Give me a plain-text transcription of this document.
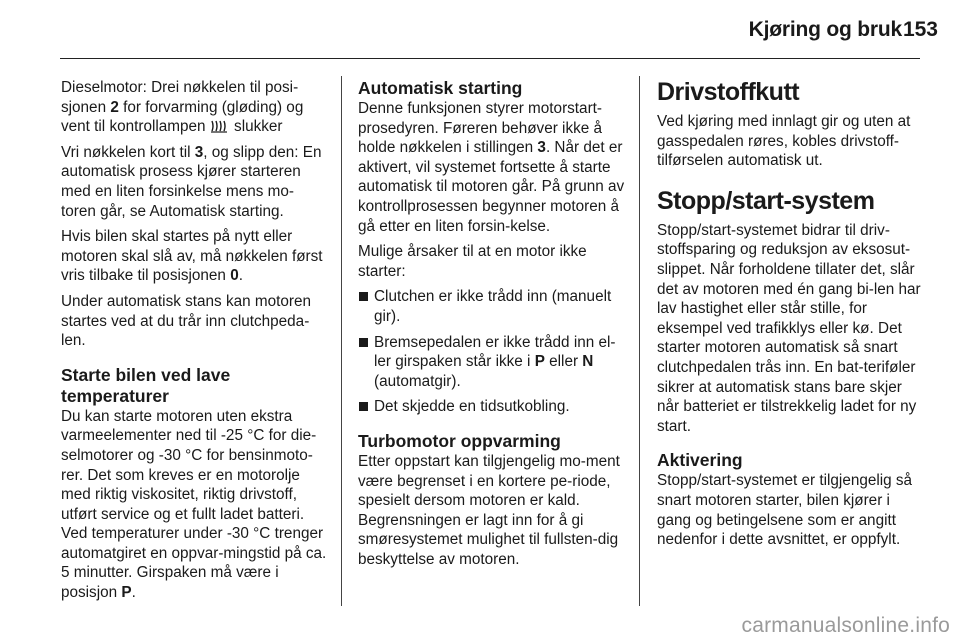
Kjøring og bruk 153

Dieselmotor: Drei nøkkelen til posi-sjonen 2 for forvarming (gløding) og vent til kontrollampen  slukker

Vri nøkkelen kort til 3, og slipp den: En automatisk prosess kjører starteren med en liten forsinkelse mens mo-toren går, se Automatisk starting.

Hvis bilen skal startes på nytt eller motoren skal slå av, må nøkkelen først vris tilbake til posisjonen 0.

Under automatisk stans kan motoren startes ved at du trår inn clutchpeda-len.

Starte bilen ved lave temperaturer

Du kan starte motoren uten ekstra varmeelementer ned til -25 °C for die-selmotorer og -30 °C for bensinmoto-rer. Det som kreves er en motorolje med riktig viskositet, riktig drivstoff, utført service og et fullt ladet batteri. Ved temperaturer under -30 °C trenger automatgiret en oppvar-mingstid på ca. 5 minutter. Girspaken må være i posisjon P.

Automatisk starting

Denne funksjonen styrer motorstart-prosedyren. Føreren behøver ikke å holde nøkkelen i stillingen 3. Når det er aktivert, vil systemet fortsette å starte automatisk til motoren går. På grunn av kontrollprosessen begynner motoren å gå etter en liten forsin-kelse.

Mulige årsaker til at en motor ikke starter:

Clutchen er ikke trådd inn (manuelt gir).
Bremsepedalen er ikke trådd inn el-ler girspaken står ikke i P eller N (automatgir).
Det skjedde en tidsutkobling.
Turbomotor oppvarming

Etter oppstart kan tilgjengelig mo-ment være begrenset i en kortere pe-riode, spesielt dersom motoren er kald. Begrensningen er lagt inn for å gi smøresystemet mulighet til fullsten-dig beskyttelse av motoren.

Drivstoffkutt

Ved kjøring med innlagt gir og uten at gasspedalen røres, kobles drivstoff-tilførselen automatisk ut.

Stopp/start-system

Stopp/start-systemet bidrar til driv-stoffsparing og reduksjon av eksosut-slippet. Når forholdene tillater det, slår det av motoren med én gang bi-len har lav hastighet eller står stille, for eksempel ved trafikklys eller kø. Det starter motoren automatisk så snart clutchpedalen trås inn. En bat-teriføler sikrer at automatisk stans bare skjer når batteriet er tilstrekkelig ladet for ny start.

Aktivering

Stopp/start-systemet er tilgjengelig så snart motoren starter, bilen kjører i gang og betingelsene som er angitt nedenfor i dette avsnittet, er oppfylt.

carmanualsonline.info
